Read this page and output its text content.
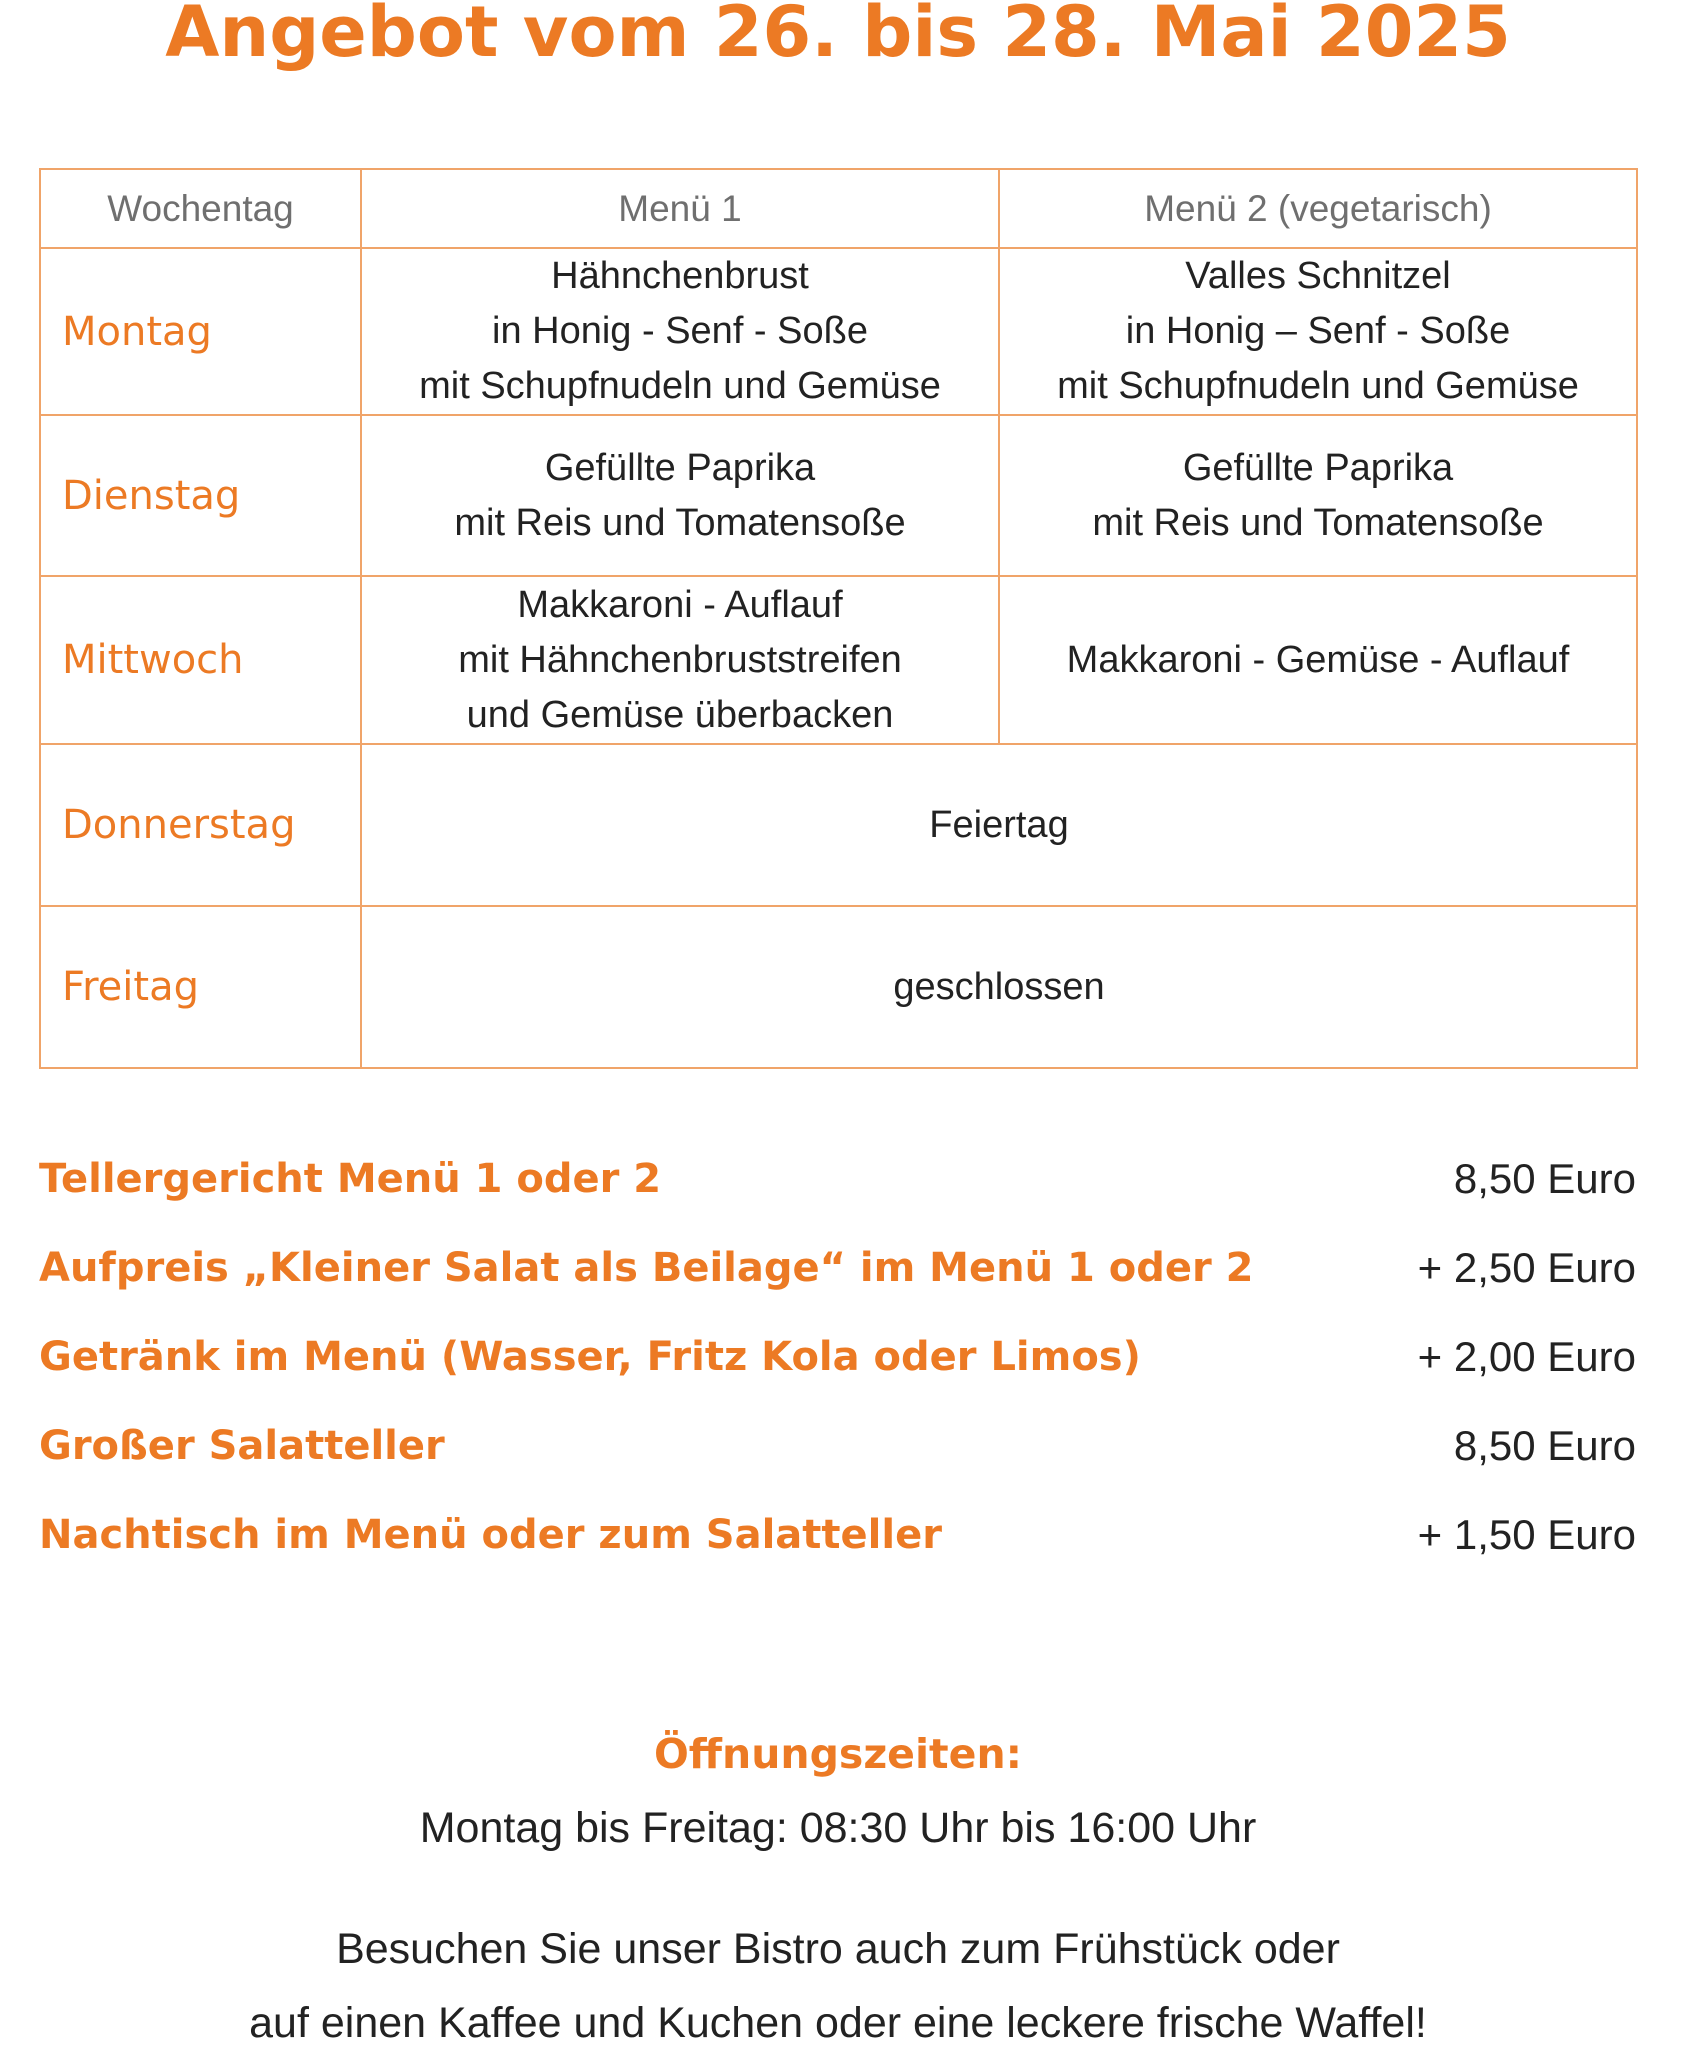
Angebot vom 26. bis 28. Mai 2025
Wochentag	Menü 1	Menü 2 (vegetarisch)
Montag	Hähnchenbrust
in Honig - Senf - Soße
mit Schupfnudeln und Gemüse	Valles Schnitzel
in Honig – Senf - Soße
mit Schupfnudeln und Gemüse

Dienstag	Gefüllte Paprika
mit Reis und Tomatensoße	Gefüllte Paprika
mit Reis und Tomatensoße

Mittwoch	Makkaroni - Auflauf
mit Hähnchenbruststreifen
und Gemüse überbacken	Makkaroni - Gemüse - Auflauf

Donnerstag	Feiertag	
Freitag	geschlossen	
Tellergericht Menü 1 oder 2	8,50 Euro
Aufpreis „Kleiner Salat als Beilage“ im Menü 1 oder 2	+ 2,50 Euro
Getränk im Menü (Wasser, Fritz Kola oder Limos)	+ 2,00 Euro
Großer Salatteller	8,50 Euro
Nachtisch im Menü oder zum Salatteller	+ 1,50 Euro
Öffnungszeiten:
Montag bis Freitag: 08:30 Uhr bis 16:00 Uhr
Besuchen Sie unser Bistro auch zum Frühstück oder
auf einen Kaffee und Kuchen oder eine leckere frische Waffel!
